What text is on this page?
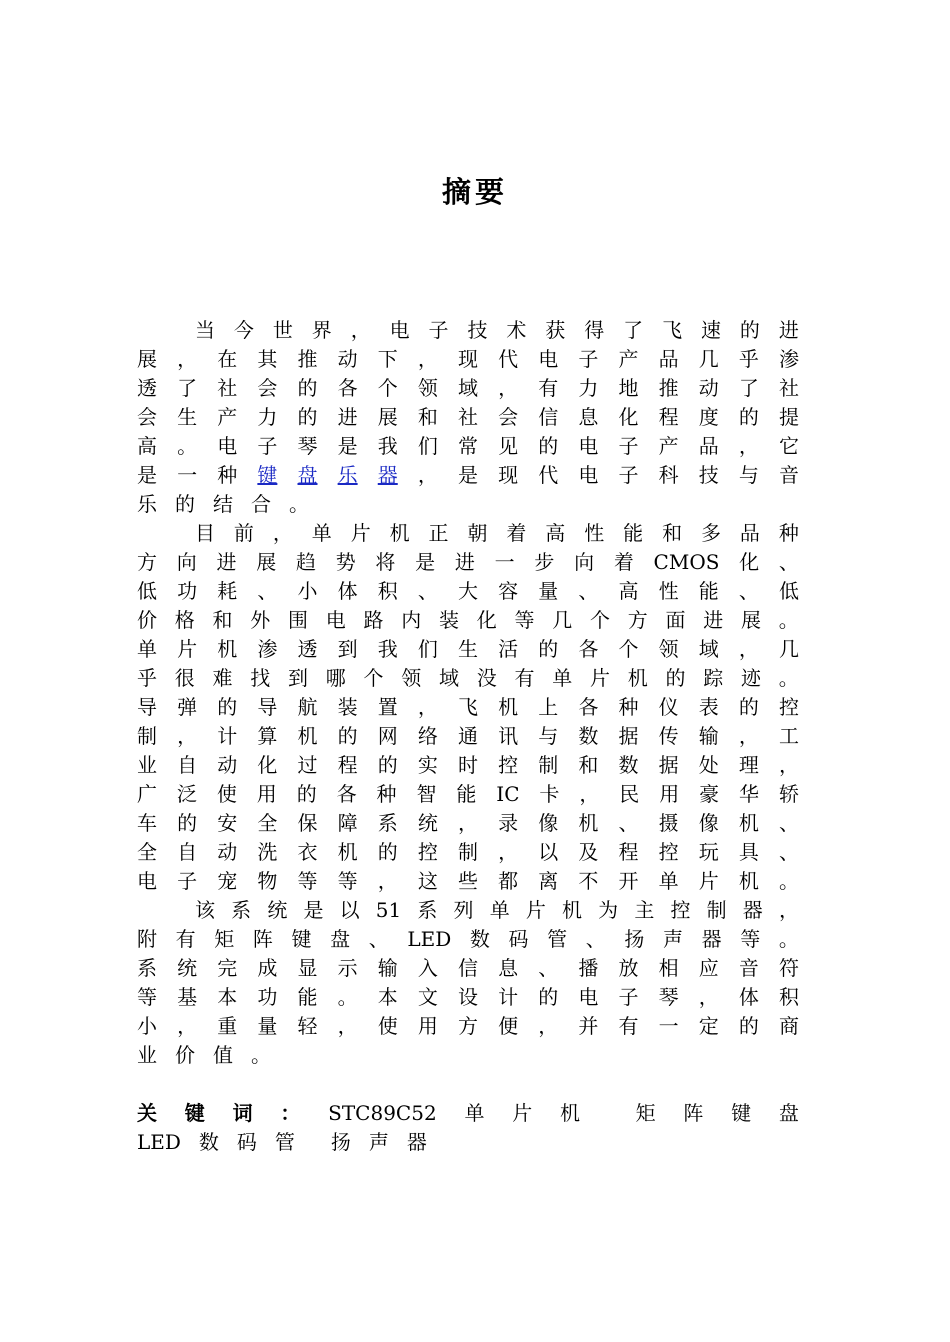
摘要
当 今 世 界 ， 电 子 技 术 获 得 了 飞 速 的 进
展 ， 在 其 推 动 下 ， 现 代 电 子 产 品 几 乎 渗
透 了 社 会 的 各 个 领 域 ， 有 力 地 推 动 了 社
会 生 产 力 的 进 展 和 社 会 信 息 化 程 度 的 提
高 。 电 子 琴 是 我 们 常 见 的 电 子 产 品 ， 它
是 一 种 键 盘 乐 器 ， 是 现 代 电 子 科 技 与 音
乐 的 结 合 。
目 前 ， 单 片 机 正 朝 着 高 性 能 和 多 品 种
方 向 进 展 趋 势 将 是 进 一 步 向 着 CMOS 化 、
低 功 耗 、 小 体 积 、 大 容 量 、 高 性 能 、 低
价 格 和 外 围 电 路 内 装 化 等 几 个 方 面 进 展 。
单 片 机 渗 透 到 我 们 生 活 的 各 个 领 域 ， 几
乎 很 难 找 到 哪 个 领 域 没 有 单 片 机 的 踪 迹 。
导 弹 的 导 航 装 置 ， 飞 机 上 各 种 仪 表 的 控
制 ， 计 算 机 的 网 络 通 讯 与 数 据 传 输 ， 工
业 自 动 化 过 程 的 实 时 控 制 和 数 据 处 理 ，
广 泛 使 用 的 各 种 智 能 IC 卡 ， 民 用 豪 华 轿
车 的 安 全 保 障 系 统 ， 录 像 机 、 摄 像 机 、
全 自 动 洗 衣 机 的 控 制 ， 以 及 程 控 玩 具 、
电 子 宠 物 等 等 ， 这 些 都 离 不 开 单 片 机 。
该 系 统 是 以 51 系 列 单 片 机 为 主 控 制 器 ，
附 有 矩 阵 键 盘 、 LED 数 码 管 、 扬 声 器 等 。
系 统 完 成 显 示 输 入 信 息 、 播 放 相 应 音 符
等 基 本 功 能 。 本 文 设 计 的 电 子 琴 ， 体 积
小 ， 重 量 轻 ， 使 用 方 便 ， 并 有 一 定 的 商
业 价 值 。
关 键 词 ： STC89C52 单 片 机	矩 阵 键 盘
LED 数 码 管 扬 声 器
